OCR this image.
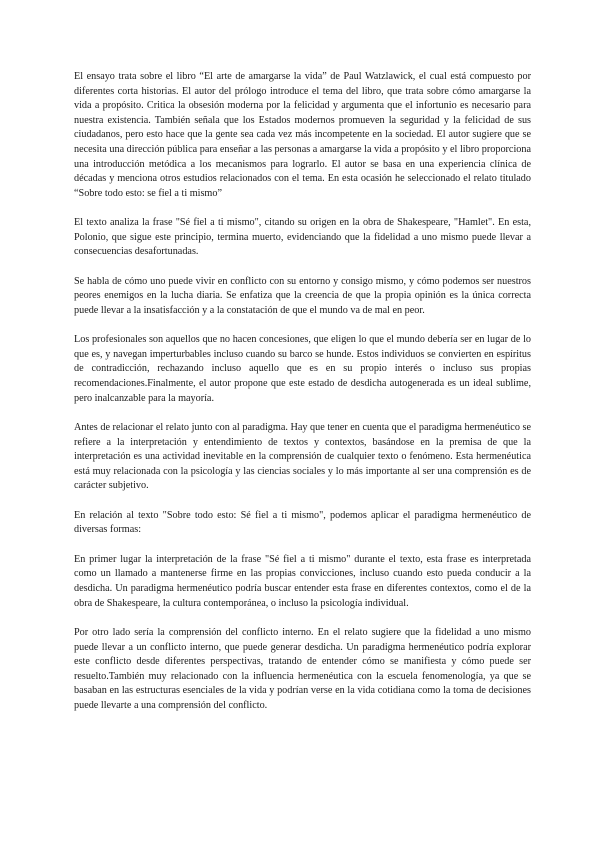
El ensayo trata sobre el libro “El arte de amargarse la vida” de Paul Watzlawick, el cual está compuesto por diferentes corta historias. El autor del prólogo introduce el tema del libro, que trata sobre cómo amargarse la vida a propósito. Critica la obsesión moderna por la felicidad y argumenta que el infortunio es necesario para nuestra existencia. También señala que los Estados modernos promueven la seguridad y la felicidad de sus ciudadanos, pero esto hace que la gente sea cada vez más incompetente en la sociedad. El autor sugiere que se necesita una dirección pública para enseñar a las personas a amargarse la vida a propósito y el libro proporciona una introducción metódica a los mecanismos para lograrlo. El autor se basa en una experiencia clínica de décadas y menciona otros estudios relacionados con el tema. En esta ocasión he seleccionado el relato titulado “Sobre todo esto: se fiel a ti mismo”

El texto analiza la frase "Sé fiel a ti mismo", citando su origen en la obra de Shakespeare, "Hamlet". En esta, Polonio, que sigue este principio, termina muerto, evidenciando que la fidelidad a uno mismo puede llevar a consecuencias desafortunadas.

Se habla de cómo uno puede vivir en conflicto con su entorno y consigo mismo, y cómo podemos ser nuestros peores enemigos en la lucha diaria. Se enfatiza que la creencia de que la propia opinión es la única correcta puede llevar a la insatisfacción y a la constatación de que el mundo va de mal en peor.

Los profesionales son aquellos que no hacen concesiones, que eligen lo que el mundo debería ser en lugar de lo que es, y navegan imperturbables incluso cuando su barco se hunde. Estos individuos se convierten en espíritus de contradicción, rechazando incluso aquello que es en su propio interés o incluso sus propias recomendaciones.Finalmente, el autor propone que este estado de desdicha autogenerada es un ideal sublime, pero inalcanzable para la mayoría.

Antes de relacionar el relato junto con al paradigma. Hay que tener en cuenta que el paradigma hermenéutico se refiere a la interpretación y entendimiento de textos y contextos, basándose en la premisa de que la interpretación es una actividad inevitable en la comprensión de cualquier texto o fenómeno. Esta hermenéutica está muy relacionada con la psicología y las ciencias sociales y lo más importante al ser una comprensión es de carácter subjetivo.

En relación al texto "Sobre todo esto: Sé fiel a ti mismo", podemos aplicar el paradigma hermenéutico de diversas formas:

En primer lugar la interpretación de la frase "Sé fiel a ti mismo" durante el texto, esta frase es interpretada como un llamado a mantenerse firme en las propias convicciones, incluso cuando esto pueda conducir a la desdicha. Un paradigma hermenéutico podría buscar entender esta frase en diferentes contextos, como el de la obra de Shakespeare, la cultura contemporánea, o incluso la psicología individual.

Por otro lado sería la comprensión del conflicto interno. En el relato sugiere que la fidelidad a uno mismo puede llevar a un conflicto interno, que puede generar desdicha. Un paradigma hermenéutico podría explorar este conflicto desde diferentes perspectivas, tratando de entender cómo se manifiesta y cómo puede ser resuelto.También muy relacionado con la influencia hermenéutica con la escuela fenomenología, ya que se basaban en las estructuras esenciales de la vida y podrían verse en la vida cotidiana como la toma de decisiones puede llevarte a una comprensión del conflicto.
